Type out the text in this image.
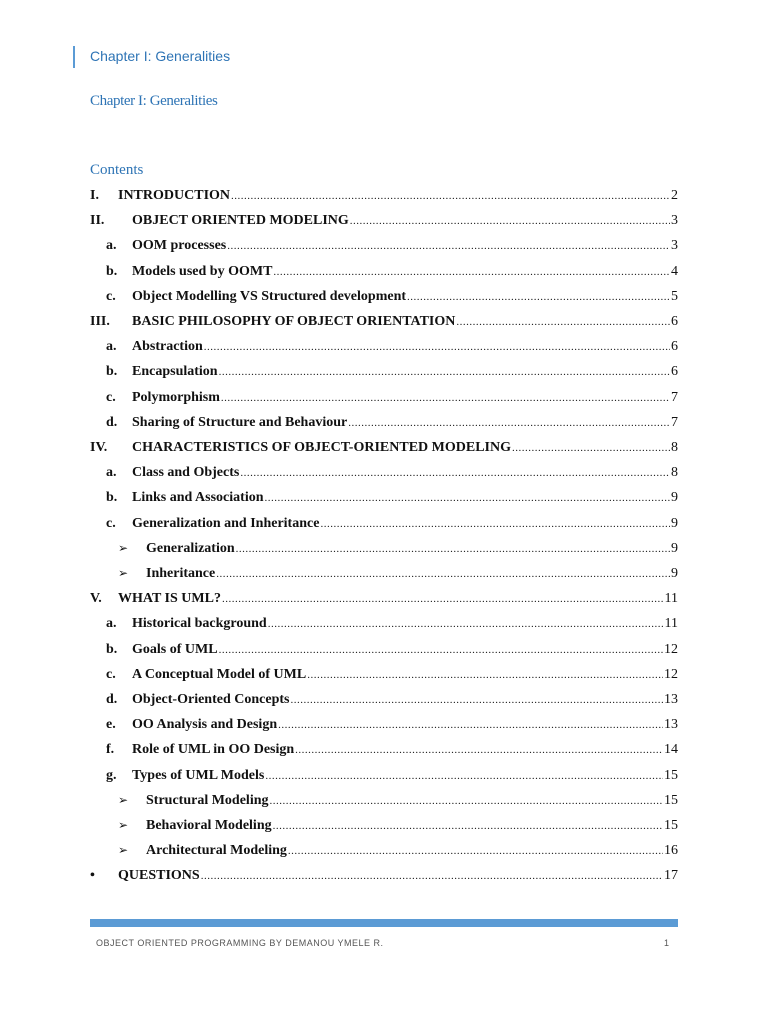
Chapter I: Generalities
Chapter I: Generalities
Contents
I. INTRODUCTION .....	2
II. OBJECT ORIENTED MODELING .....	3
a. OOM processes .....	3
b. Models used by OOMT .....	4
c. Object Modelling VS Structured development .....	5
III. BASIC PHILOSOPHY OF OBJECT ORIENTATION .....	6
a. Abstraction .....	6
b. Encapsulation .....	6
c. Polymorphism .....	7
d. Sharing of Structure and Behaviour .....	7
IV. CHARACTERISTICS OF OBJECT-ORIENTED MODELING .....	8
a. Class and Objects .....	8
b. Links and Association .....	9
c. Generalization and Inheritance .....	9
➢ Generalization .....	9
➢ Inheritance .....	9
V. WHAT IS UML? .....	11
a. Historical background .....	11
b. Goals of UML .....	12
c. A Conceptual Model of UML .....	12
d. Object-Oriented Concepts .....	13
e. OO Analysis and Design .....	13
f. Role of UML in OO Design .....	14
g. Types of UML Models .....	15
➢ Structural Modeling .....	15
➢ Behavioral Modeling .....	15
➢ Architectural Modeling .....	16
• QUESTIONS .....	17
OBJECT ORIENTED PROGRAMMING BY DEMANOU YMELE R.	1
